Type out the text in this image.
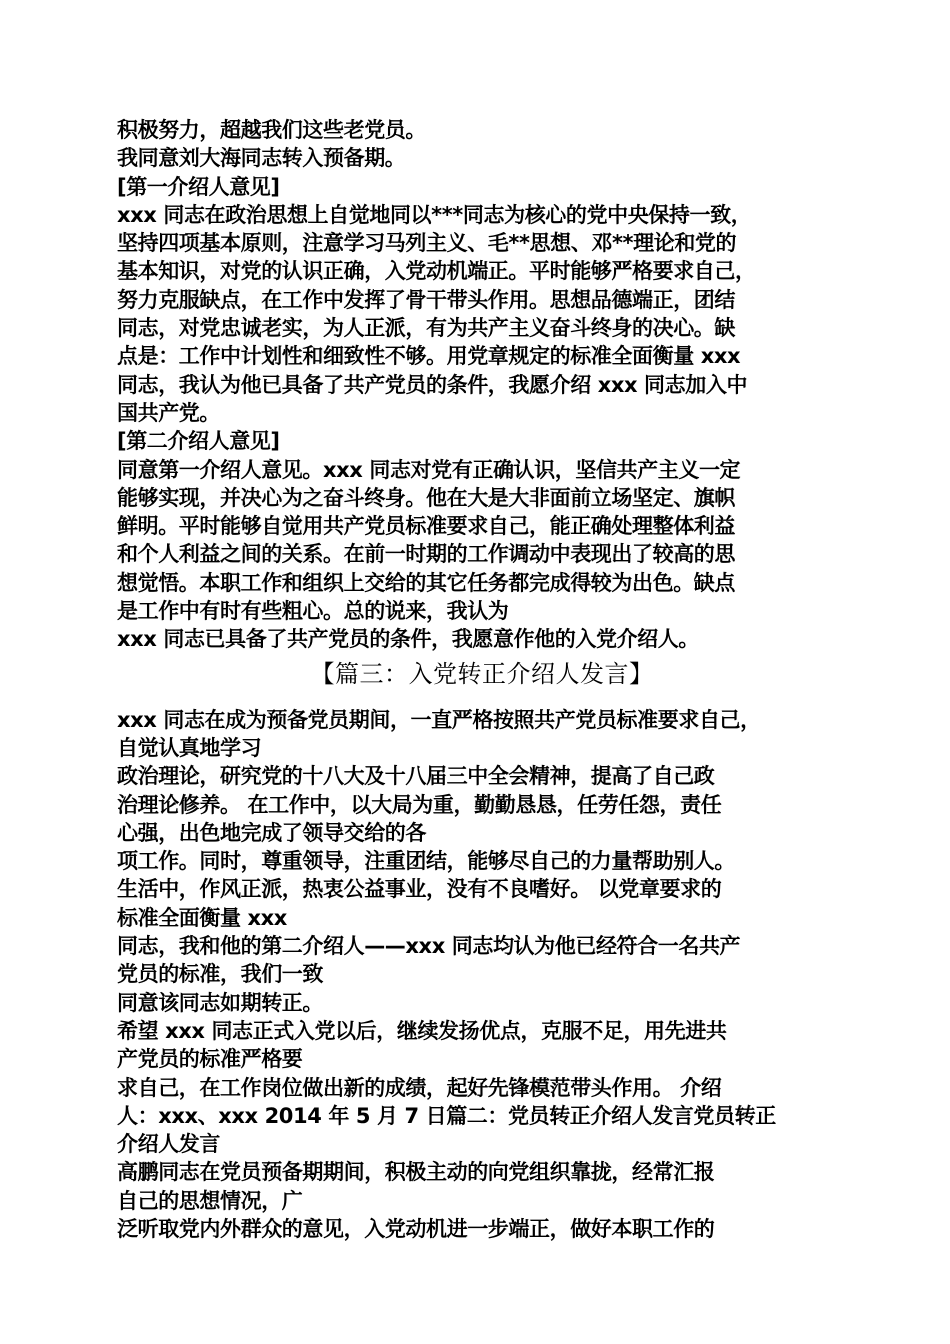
积极努力，超越我们这些老党员。
我同意刘大海同志转入预备期。
[第一介绍人意见]
xxx 同志在政治思想上自觉地同以***同志为核心的党中央保持一致，
坚持四项基本原则，注意学习马列主义、毛**思想、邓**理论和党的
基本知识，对党的认识正确，入党动机端正。平时能够严格要求自己，
努力克服缺点，在工作中发挥了骨干带头作用。思想品德端正，团结
同志，对党忠诚老实，为人正派，有为共产主义奋斗终身的决心。缺
点是：工作中计划性和细致性不够。用党章规定的标准全面衡量 xxx
同志，我认为他已具备了共产党员的条件，我愿介绍 xxx 同志加入中
国共产党。
[第二介绍人意见]
同意第一介绍人意见。xxx 同志对党有正确认识，坚信共产主义一定
能够实现，并决心为之奋斗终身。他在大是大非面前立场坚定、旗帜
鲜明。平时能够自觉用共产党员标准要求自己，能正确处理整体利益
和个人利益之间的关系。在前一时期的工作调动中表现出了较高的思
想觉悟。本职工作和组织上交给的其它任务都完成得较为出色。缺点
是工作中有时有些粗心。总的说来，我认为
xxx 同志已具备了共产党员的条件，我愿意作他的入党介绍人。
【篇三：入党转正介绍人发言】
xxx 同志在成为预备党员期间，一直严格按照共产党员标准要求自己，
自觉认真地学习
政治理论，研究党的十八大及十八届三中全会精神，提高了自己政
治理论修养。 在工作中，以大局为重，勤勤恳恳，任劳任怨，责任
心强，出色地完成了领导交给的各
项工作。同时，尊重领导，注重团结，能够尽自己的力量帮助别人。
生活中，作风正派，热衷公益事业，没有不良嗜好。 以党章要求的
标准全面衡量 xxx
同志，我和他的第二介绍人——xxx 同志均认为他已经符合一名共产
党员的标准，我们一致
同意该同志如期转正。
希望 xxx 同志正式入党以后，继续发扬优点，克服不足，用先进共
产党员的标准严格要
求自己，在工作岗位做出新的成绩，起好先锋模范带头作用。 介绍
人：xxx、xxx 2014 年 5 月 7 日篇二：党员转正介绍人发言党员转正
介绍人发言
高鹏同志在党员预备期期间，积极主动的向党组织靠拢，经常汇报
自己的思想情况，广
泛听取党内外群众的意见，入党动机进一步端正，做好本职工作的
